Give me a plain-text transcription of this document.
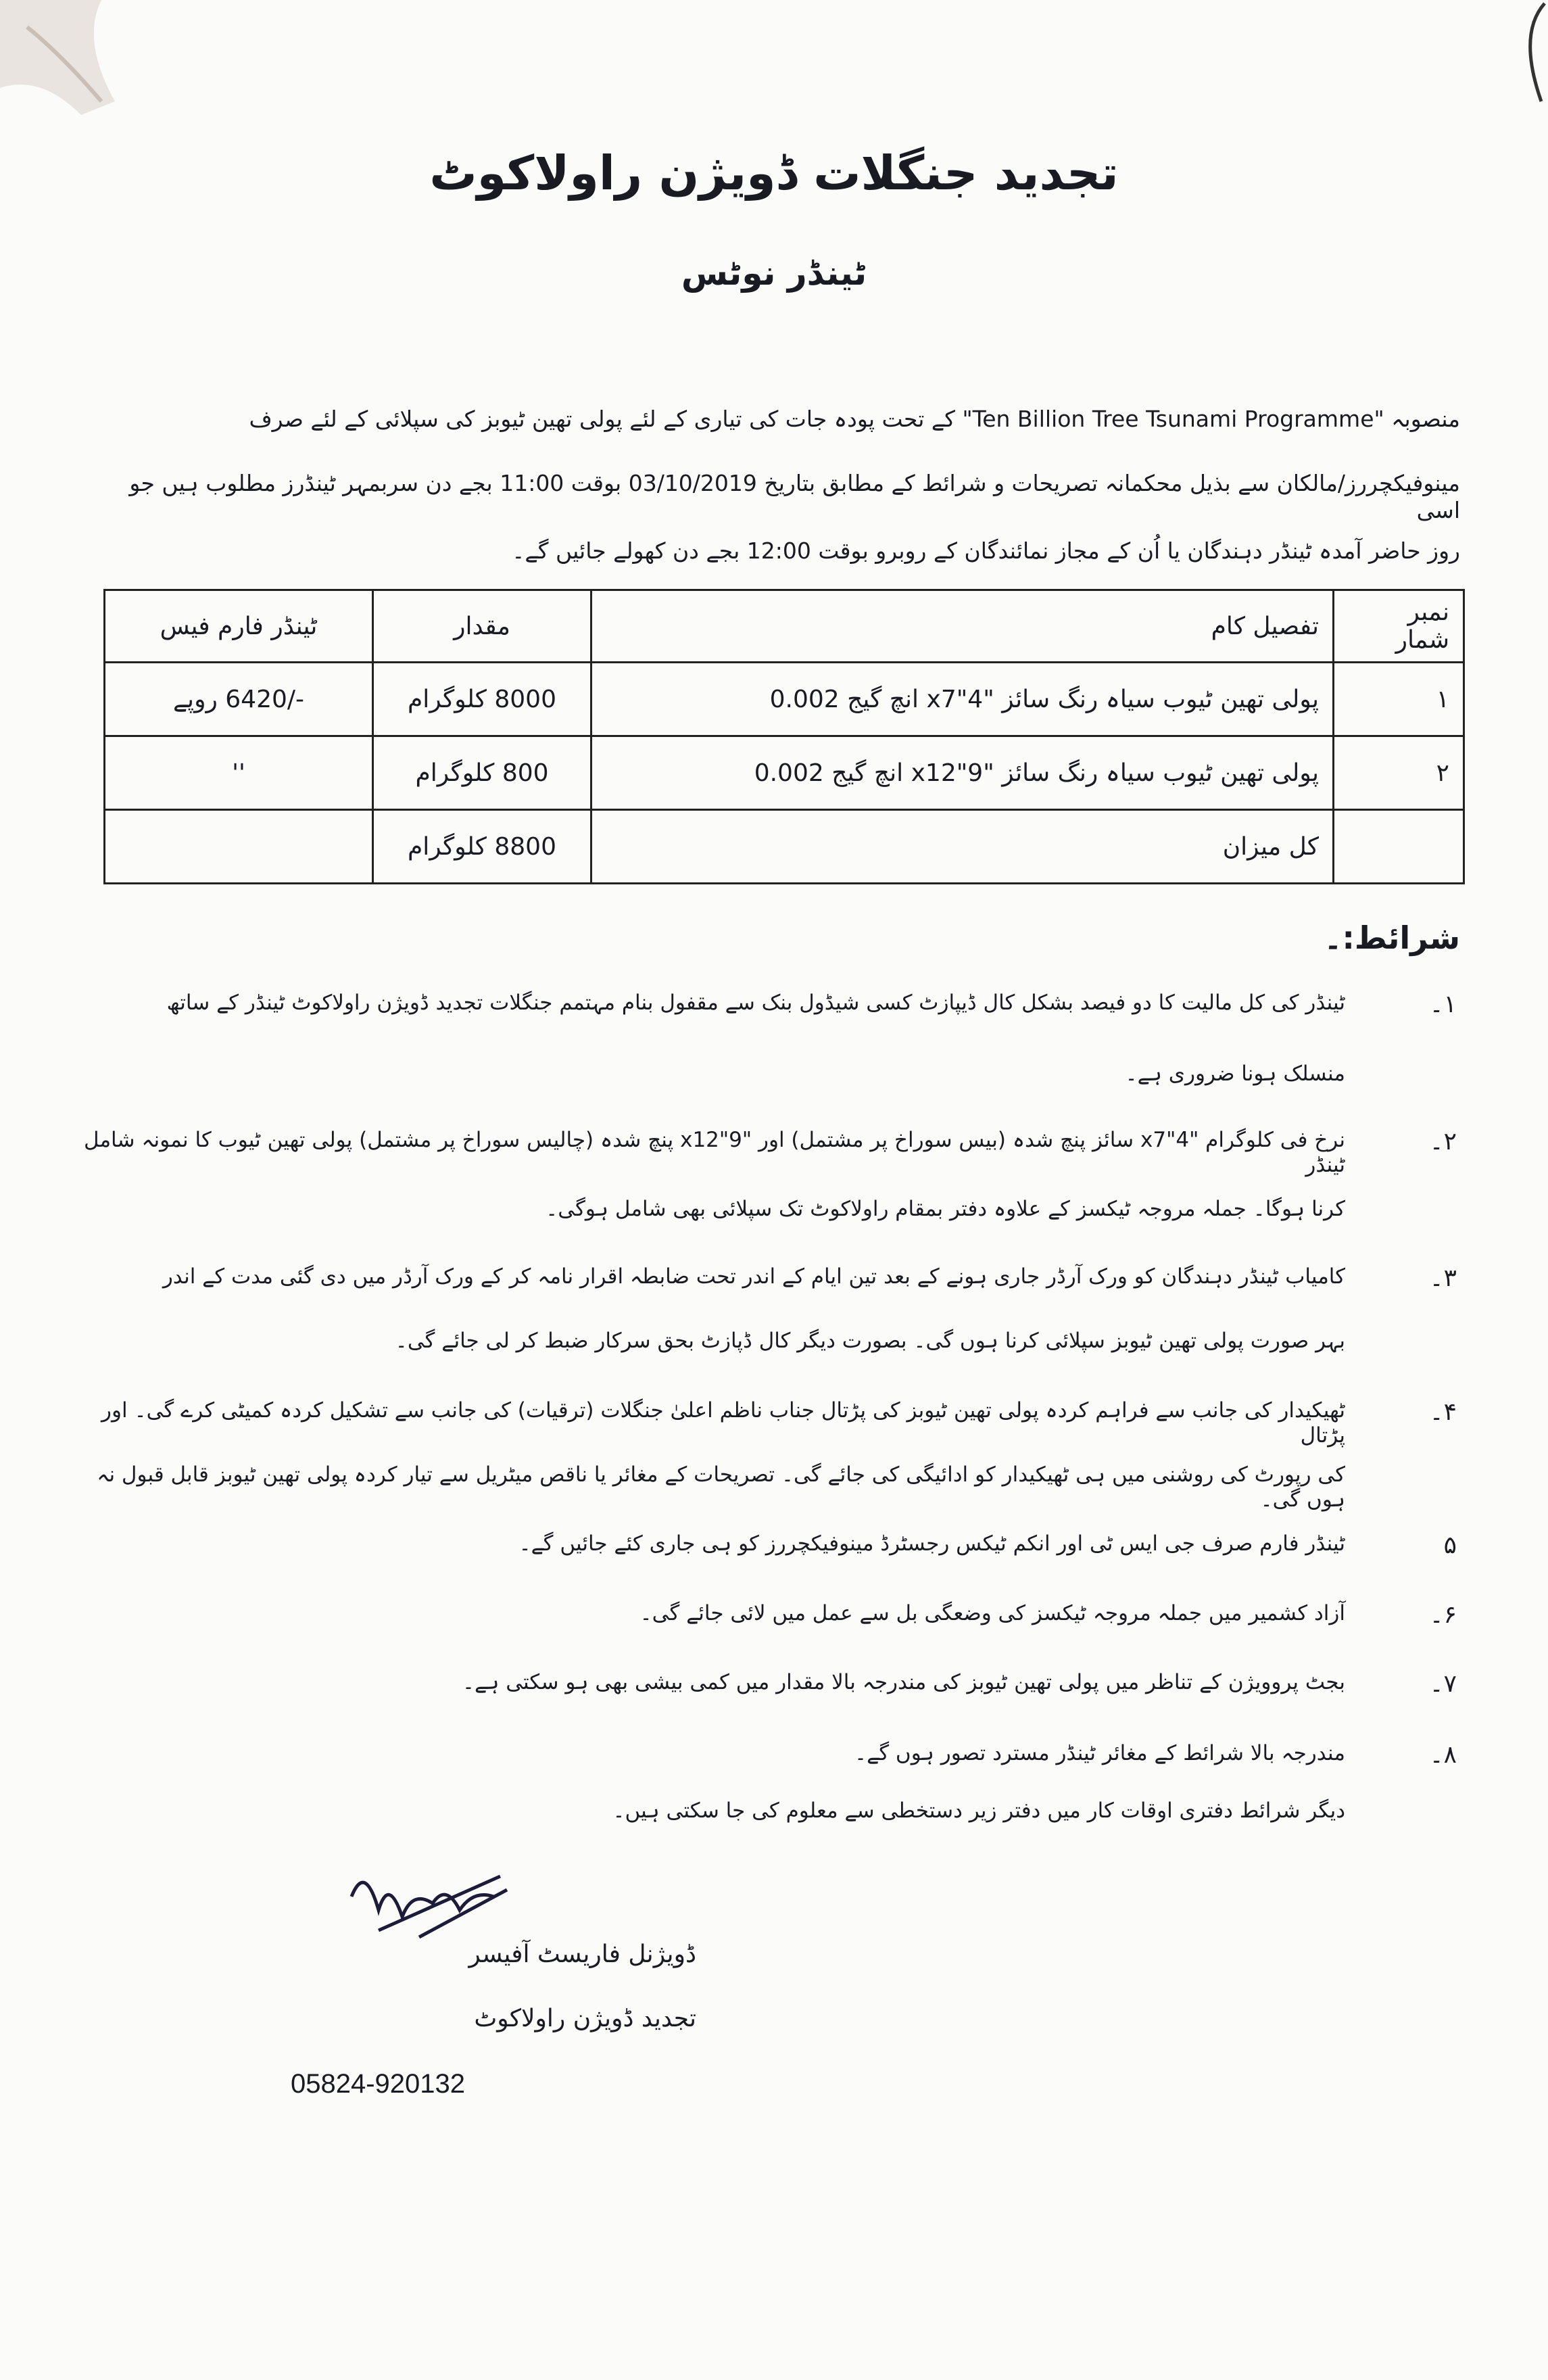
تجدید جنگلات ڈویژن راولاکوٹ
ٹینڈر نوٹس
منصوبہ "Ten Billion Tree Tsunami Programme" کے تحت پودہ جات کی تیاری کے لئے پولی تھین ٹیوبز کی سپلائی کے لئے صرف
مینوفیکچررز/مالکان سے بذیل محکمانہ تصریحات و شرائط کے مطابق بتاریخ 03/10/2019 بوقت 11:00 بجے دن سربمہر ٹینڈرز مطلوب ہیں جو اسی
روز حاضر آمدہ ٹینڈر دہندگان یا اُن کے مجاز نمائندگان کے روبرو بوقت 12:00 بجے دن کھولے جائیں گے۔
نمبر شمار	تفصیل کام	مقدار	ٹینڈر فارم فیس
۱	پولی تھین ٹیوب سیاہ رنگ سائز "4"x7 انچ گیج 0.002	8000 کلوگرام	-/6420 روپے
۲	پولی تھین ٹیوب سیاہ رنگ سائز "9"x12 انچ گیج 0.002	800 کلوگرام	''
	کل میزان	8800 کلوگرام	
شرائط:۔
۱۔
ٹینڈر کی کل مالیت کا دو فیصد بشکل کال ڈیپازٹ کسی شیڈول بنک سے مقفول بنام مہتمم جنگلات تجدید ڈویژن راولاکوٹ ٹینڈر کے ساتھ
منسلک ہونا ضروری ہے۔
۲۔
نرخ فی کلوگرام "4"x7 سائز پنچ شدہ (بیس سوراخ پر مشتمل) اور "9"x12 پنچ شدہ (چالیس سوراخ پر مشتمل) پولی تھین ٹیوب کا نمونہ شامل ٹینڈر
کرنا ہوگا۔ جملہ مروجہ ٹیکسز کے علاوہ دفتر بمقام راولاکوٹ تک سپلائی بھی شامل ہوگی۔
۳۔
کامیاب ٹینڈر دہندگان کو ورک آرڈر جاری ہونے کے بعد تین ایام کے اندر تحت ضابطہ اقرار نامہ کر کے ورک آرڈر میں دی گئی مدت کے اندر
بہر صورت پولی تھین ٹیوبز سپلائی کرنا ہوں گی۔ بصورت دیگر کال ڈپازٹ بحق سرکار ضبط کر لی جائے گی۔
۴۔
ٹھیکیدار کی جانب سے فراہم کردہ پولی تھین ٹیوبز کی پڑتال جناب ناظم اعلیٰ جنگلات (ترقیات) کی جانب سے تشکیل کردہ کمیٹی کرے گی۔ اور پڑتال
کی رپورٹ کی روشنی میں ہی ٹھیکیدار کو ادائیگی کی جائے گی۔ تصریحات کے مغائر یا ناقص میٹریل سے تیار کردہ پولی تھین ٹیوبز قابل قبول نہ ہوں گی۔
۵
ٹینڈر فارم صرف جی ایس ٹی اور انکم ٹیکس رجسٹرڈ مینوفیکچررز کو ہی جاری کئے جائیں گے۔
۶۔
آزاد کشمیر میں جملہ مروجہ ٹیکسز کی وضعگی بل سے عمل میں لائی جائے گی۔
۷۔
بجٹ پروویژن کے تناظر میں پولی تھین ٹیوبز کی مندرجہ بالا مقدار میں کمی بیشی بھی ہو سکتی ہے۔
۸۔
مندرجہ بالا شرائط کے مغائر ٹینڈر مسترد تصور ہوں گے۔
دیگر شرائط دفتری اوقات کار میں دفتر زیر دستخطی سے معلوم کی جا سکتی ہیں۔
ڈویژنل فاریسٹ آفیسر
تجدید ڈویژن راولاکوٹ
05824-920132
